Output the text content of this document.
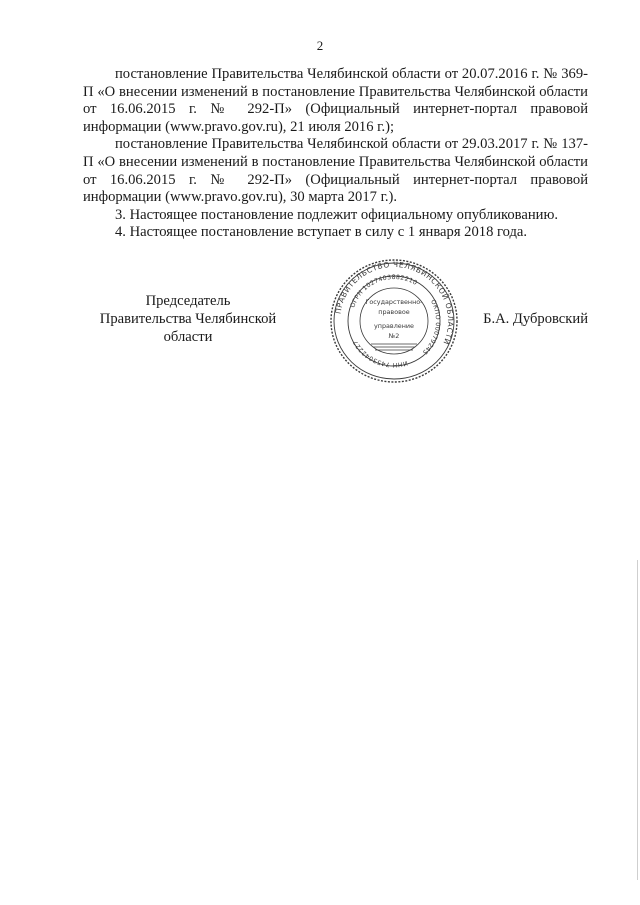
2

постановление Правительства Челябинской области от 20.07.2016 г. № 369-П «О внесении изменений в постановление Правительства Челябинской области от 16.06.2015 г. № 292-П» (Официальный интернет-портал правовой информации (www.pravo.gov.ru), 21 июля 2016 г.);

постановление Правительства Челябинской области от 29.03.2017 г. № 137-П «О внесении изменений в постановление Правительства Челябинской области от 16.06.2015 г. № 292-П» (Официальный интернет-портал правовой информации (www.pravo.gov.ru), 30 марта 2017 г.).

3. Настоящее постановление подлежит официальному опубликованию.

4. Настоящее постановление вступает в силу с 1 января 2018 года.

Председатель
Правительства Челябинской области
Б.А. Дубровский
ПРАВИТЕЛЬСТВО ЧЕЛЯБИНСКОЙ ОБЛАСТИ
ОГРН 1027403882210
ОКПО 00079245
ИНН 7453042227
Государственно-
правовое
управление
№2
